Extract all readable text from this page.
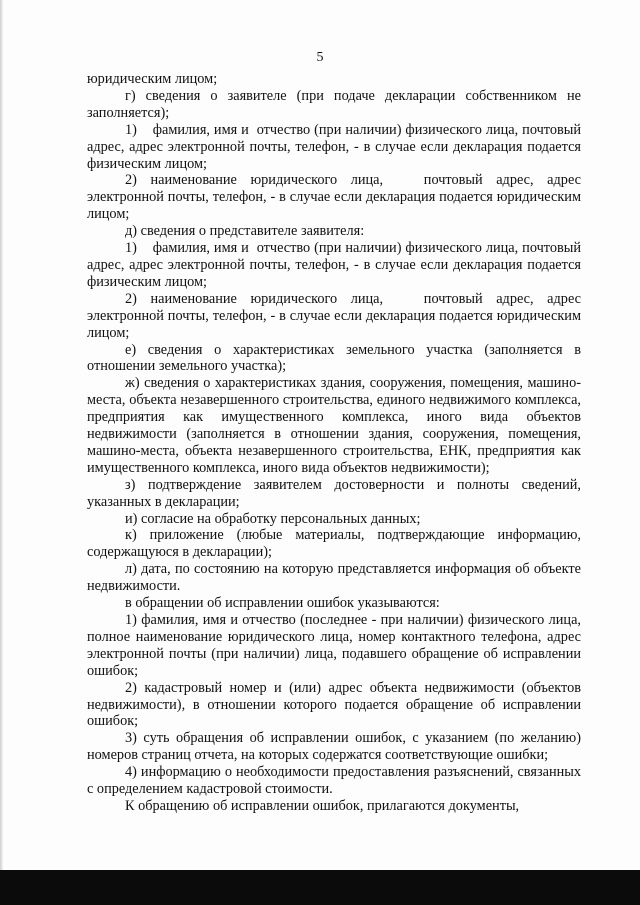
5

юридическим лицом;

г) сведения о заявителе (при подаче декларации собственником не заполняется);

1)    фамилия, имя и  отчество (при наличии) физического лица, почтовый адрес, адрес электронной почты, телефон, - в случае если декларация подается физическим лицом;

2) наименование юридического лица,   почтовый адрес, адрес электронной почты, телефон, - в случае если декларация подается юридическим лицом;

д) сведения о представителе заявителя:

1)    фамилия, имя и  отчество (при наличии) физического лица, почтовый адрес, адрес электронной почты, телефон, - в случае если декларация подается физическим лицом;

2) наименование юридического лица,   почтовый адрес, адрес электронной почты, телефон, - в случае если декларация подается юридическим лицом;

е) сведения о характеристиках земельного участка (заполняется в отношении земельного участка);

ж) сведения о характеристиках здания, сооружения, помещения, машино-места, объекта незавершенного строительства, единого недвижимого комплекса, предприятия как имущественного комплекса, иного вида объектов недвижимости (заполняется в отношении здания, сооружения, помещения, машино-места, объекта незавершенного строительства, ЕНК, предприятия как имущественного комплекса, иного вида объектов недвижимости);

з) подтверждение заявителем достоверности и полноты сведений, указанных в декларации;

и) согласие на обработку персональных данных;

к) приложение (любые материалы, подтверждающие информацию, содержащуюся в декларации);

л) дата, по состоянию на которую представляется информация об объекте недвижимости.

в обращении об исправлении ошибок указываются:

1) фамилия, имя и отчество (последнее - при наличии) физического лица, полное наименование юридического лица, номер контактного телефона, адрес электронной почты (при наличии) лица, подавшего обращение об исправлении ошибок;

2) кадастровый номер и (или) адрес объекта недвижимости (объектов недвижимости), в отношении которого подается обращение об исправлении ошибок;

3) суть обращения об исправлении ошибок, с указанием (по желанию) номеров страниц отчета, на которых содержатся соответствующие ошибки;

4) информацию о необходимости предоставления разъяснений, связанных с определением кадастровой стоимости.

К обращению об исправлении ошибок, прилагаются документы,
